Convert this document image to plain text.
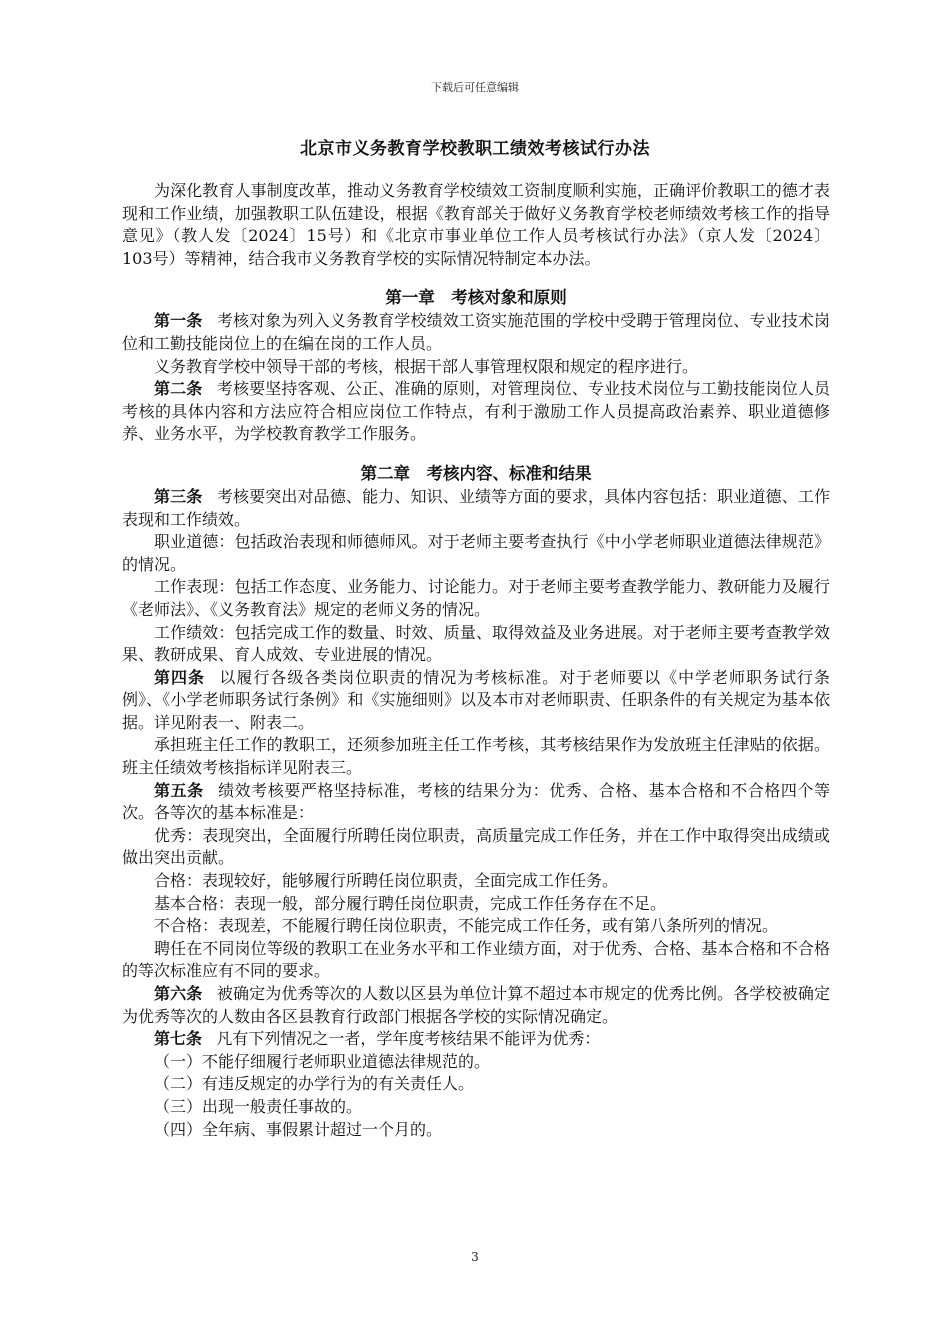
下载后可任意编辑
北京市义务教育学校教职工绩效考核试行办法

为深化教育人事制度改革，推动义务教育学校绩效工资制度顺利实施，正确评价教职工的德才表现和工作业绩，加强教职工队伍建设，根据《教育部关于做好义务教育学校老师绩效考核工作的指导意见》（教人发〔2024〕15号）和《北京市事业单位工作人员考核试行办法》（京人发〔2024〕103号）等精神，结合我市义务教育学校的实际情况特制定本办法。

第一章　考核对象和原则

第一条 考核对象为列入义务教育学校绩效工资实施范围的学校中受聘于管理岗位、专业技术岗位和工勤技能岗位上的在编在岗的工作人员。

义务教育学校中领导干部的考核，根据干部人事管理权限和规定的程序进行。

第二条 考核要坚持客观、公正、准确的原则，对管理岗位、专业技术岗位与工勤技能岗位人员考核的具体内容和方法应符合相应岗位工作特点，有利于激励工作人员提高政治素养、职业道德修养、业务水平，为学校教育教学工作服务。

第二章　考核内容、标准和结果

第三条 考核要突出对品德、能力、知识、业绩等方面的要求，具体内容包括：职业道德、工作表现和工作绩效。

职业道德：包括政治表现和师德师风。对于老师主要考查执行《中小学老师职业道德法律规范》的情况。

工作表现：包括工作态度、业务能力、讨论能力。对于老师主要考查教学能力、教研能力及履行《老师法》、《义务教育法》规定的老师义务的情况。

工作绩效：包括完成工作的数量、时效、质量、取得效益及业务进展。对于老师主要考查教学效果、教研成果、育人成效、专业进展的情况。

第四条 以履行各级各类岗位职责的情况为考核标准。对于老师要以《中学老师职务试行条例》、《小学老师职务试行条例》和《实施细则》以及本市对老师职责、任职条件的有关规定为基本依据。详见附表一、附表二。

承担班主任工作的教职工，还须参加班主任工作考核，其考核结果作为发放班主任津贴的依据。班主任绩效考核指标详见附表三。

第五条 绩效考核要严格坚持标准，考核的结果分为：优秀、合格、基本合格和不合格四个等次。各等次的基本标准是：

优秀：表现突出，全面履行所聘任岗位职责，高质量完成工作任务，并在工作中取得突出成绩或做出突出贡献。

合格：表现较好，能够履行所聘任岗位职责，全面完成工作任务。

基本合格：表现一般，部分履行聘任岗位职责，完成工作任务存在不足。

不合格：表现差，不能履行聘任岗位职责，不能完成工作任务，或有第八条所列的情况。

聘任在不同岗位等级的教职工在业务水平和工作业绩方面，对于优秀、合格、基本合格和不合格的等次标准应有不同的要求。

第六条 被确定为优秀等次的人数以区县为单位计算不超过本市规定的优秀比例。各学校被确定为优秀等次的人数由各区县教育行政部门根据各学校的实际情况确定。

第七条 凡有下列情况之一者，学年度考核结果不能评为优秀：

（一）不能仔细履行老师职业道德法律规范的。

（二）有违反规定的办学行为的有关责任人。

（三）出现一般责任事故的。

（四）全年病、事假累计超过一个月的。

3
